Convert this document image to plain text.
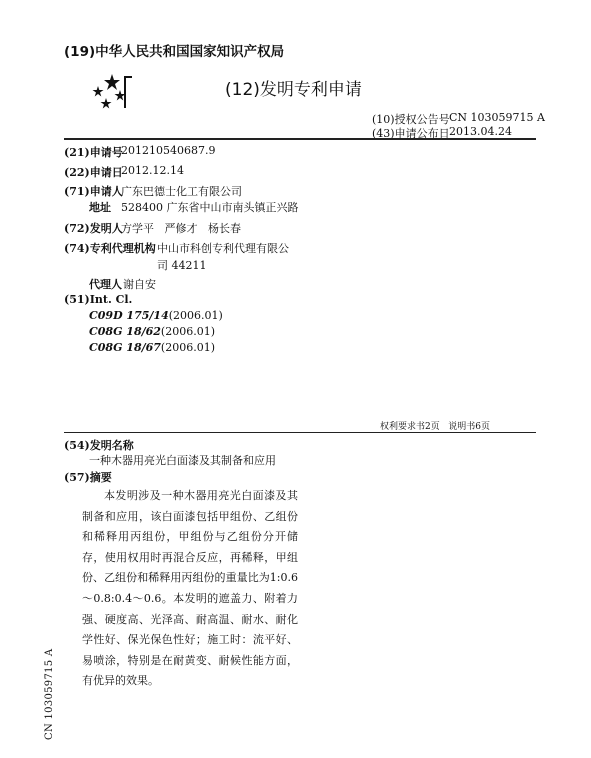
(19)中华人民共和国国家知识产权局
(12)发明专利申请
(10)授权公告号 CN 103059715 A
(43)申请公布日 2013.04.24
(21)申请号
201210540687.9
(22)申请日
2012.12.14
(71)申请人
广东巴德士化工有限公司
地址 528400 广东省中山市南头镇正兴路
(72)发明人
方学平   严修才   杨长春
(74)专利代理机构 中山市科创专利代理有限公
司 44211
代理人 谢自安
(51)Int. Cl.
C09D 175/14(2006.01)
C08G 18/62(2006.01)
C08G 18/67(2006.01)
权利要求书2页   说明书6页
(54)发明名称
一种木器用亮光白面漆及其制备和应用
(57)摘要

本发明涉及一种木器用亮光白面漆及其制备和应用，该白面漆包括甲组份、乙组份和稀释用丙组份，甲组份与乙组份分开储存，使用权用时再混合反应，再稀释，甲组份、乙组份和稀释用丙组份的重量比为1:0.6～0.8:0.4～0.6。本发明的遮盖力、附着力强、硬度高、光泽高、耐高温、耐水、耐化学性好、保光保色性好；施工时：流平好、易喷涂，特别是在耐黄变、耐候性能方面，有优异的效果。

CN 103059715 A
